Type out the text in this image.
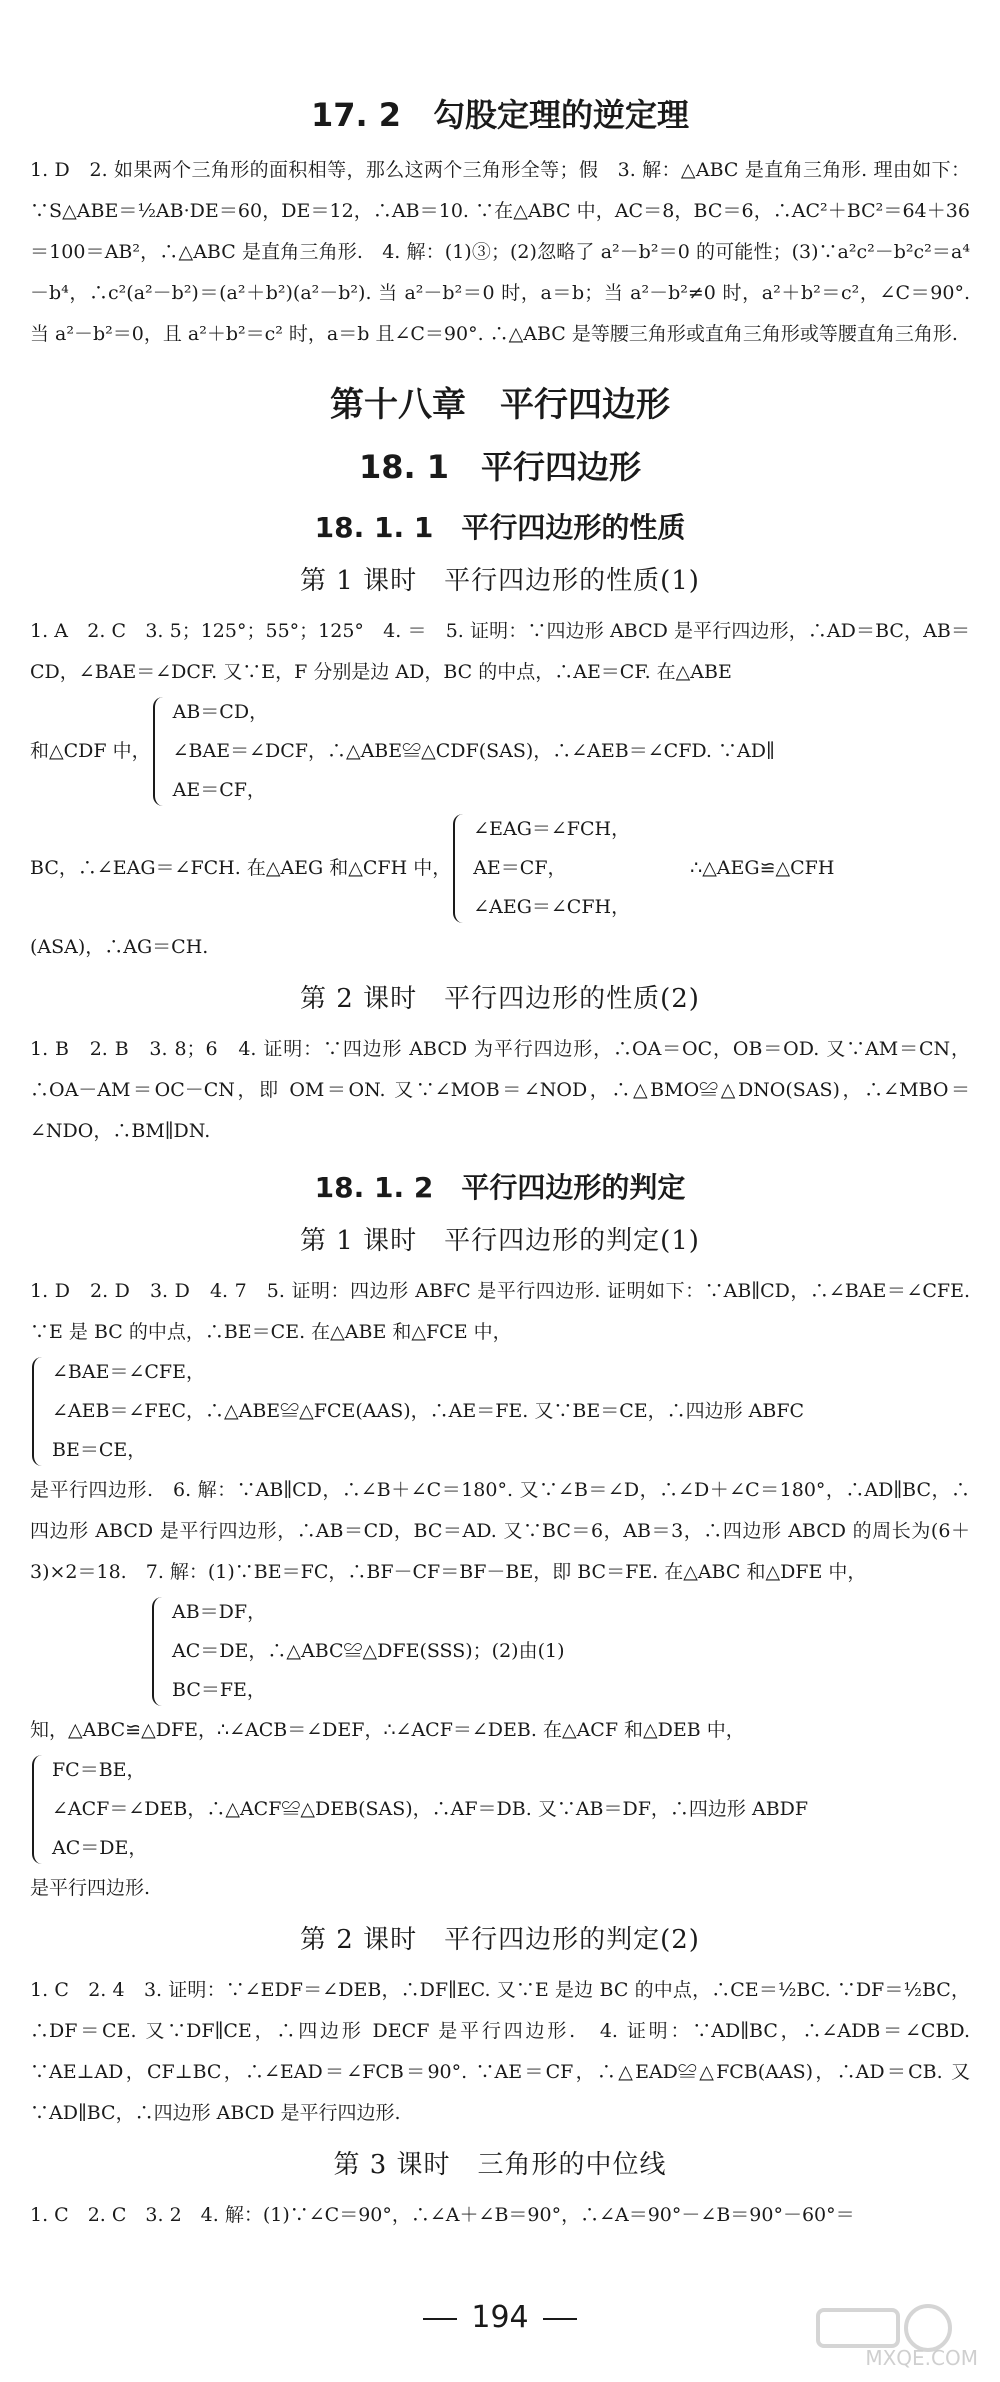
17. 2　勾股定理的逆定理

1. D　2. 如果两个三角形的面积相等，那么这两个三角形全等；假　3. 解：△ABC 是直角三角形. 理由如下：∵S△ABE＝½AB·DE＝60，DE＝12，∴AB＝10. ∵在△ABC 中，AC＝8，BC＝6，∴AC²＋BC²＝64＋36＝100＝AB²，∴△ABC 是直角三角形.　4. 解：(1)③；(2)忽略了 a²－b²＝0 的可能性；(3)∵a²c²－b²c²＝a⁴－b⁴，∴c²(a²－b²)＝(a²＋b²)(a²－b²). 当 a²－b²＝0 时，a＝b；当 a²－b²≠0 时，a²＋b²＝c²，∠C＝90°. 当 a²－b²＝0，且 a²＋b²＝c² 时，a＝b 且∠C＝90°. ∴△ABC 是等腰三角形或直角三角形或等腰直角三角形.

第十八章　平行四边形
18. 1　平行四边形
18. 1. 1　平行四边形的性质
第 1 课时　平行四边形的性质(1)

1. A　2. C　3. 5；125°；55°；125°　4. ＝　5. 证明：∵四边形 ABCD 是平行四边形，∴AD＝BC，AB＝CD，∠BAE＝∠DCF. 又∵E，F 分别是边 AD，BC 的中点，∴AE＝CF. 在△ABE

和△CDF 中，
AB＝CD，
∠BAE＝∠DCF，∴△ABE≌△CDF(SAS)，∴∠AEB＝∠CFD. ∵AD∥
AE＝CF，
BC，∴∠EAG＝∠FCH. 在△AEG 和△CFH 中，
∠EAG＝∠FCH，
AE＝CF，
∠AEG＝∠CFH，
∴△AEG≌△CFH

(ASA)，∴AG＝CH.

第 2 课时　平行四边形的性质(2)

1. B　2. B　3. 8；6　4. 证明：∵四边形 ABCD 为平行四边形，∴OA＝OC，OB＝OD. 又∵AM＝CN，∴OA－AM＝OC－CN，即 OM＝ON. 又∵∠MOB＝∠NOD，∴△BMO≌△DNO(SAS)，∴∠MBO＝∠NDO，∴BM∥DN.

18. 1. 2　平行四边形的判定
第 1 课时　平行四边形的判定(1)

1. D　2. D　3. D　4. 7　5. 证明：四边形 ABFC 是平行四边形. 证明如下：∵AB∥CD，∴∠BAE＝∠CFE. ∵E 是 BC 的中点，∴BE＝CE. 在△ABE 和△FCE 中，

∠BAE＝∠CFE，
∠AEB＝∠FEC，∴△ABE≌△FCE(AAS)，∴AE＝FE. 又∵BE＝CE，∴四边形 ABFC
BE＝CE，

是平行四边形.　6. 解：∵AB∥CD，∴∠B＋∠C＝180°. 又∵∠B＝∠D，∴∠D＋∠C＝180°，∴AD∥BC，∴四边形 ABCD 是平行四边形，∴AB＝CD，BC＝AD. 又∵BC＝6，AB＝3，∴四边形 ABCD 的周长为(6＋3)×2＝18.　7. 解：(1)∵BE＝FC，∴BF－CF＝BF－BE，即 BC＝FE. 在△ABC 和△DFE 中，

AB＝DF，
AC＝DE，∴△ABC≌△DFE(SSS)；(2)由(1)
BC＝FE，

知，△ABC≌△DFE，∴∠ACB＝∠DEF，∴∠ACF＝∠DEB. 在△ACF 和△DEB 中，

FC＝BE，
∠ACF＝∠DEB，∴△ACF≌△DEB(SAS)，∴AF＝DB. 又∵AB＝DF，∴四边形 ABDF
AC＝DE，

是平行四边形.

第 2 课时　平行四边形的判定(2)

1. C　2. 4　3. 证明：∵∠EDF＝∠DEB，∴DF∥EC. 又∵E 是边 BC 的中点，∴CE＝½BC. ∵DF＝½BC，∴DF＝CE. 又∵DF∥CE，∴四边形 DECF 是平行四边形.　4. 证明：∵AD∥BC，∴∠ADB＝∠CBD. ∵AE⊥AD，CF⊥BC，∴∠EAD＝∠FCB＝90°. ∵AE＝CF，∴△EAD≌△FCB(AAS)，∴AD＝CB. 又∵AD∥BC，∴四边形 ABCD 是平行四边形.

第 3 课时　三角形的中位线

1. C　2. C　3. 2　4. 解：(1)∵∠C＝90°，∴∠A＋∠B＝90°，∴∠A＝90°－∠B＝90°－60°＝

194
MXQE.COM
